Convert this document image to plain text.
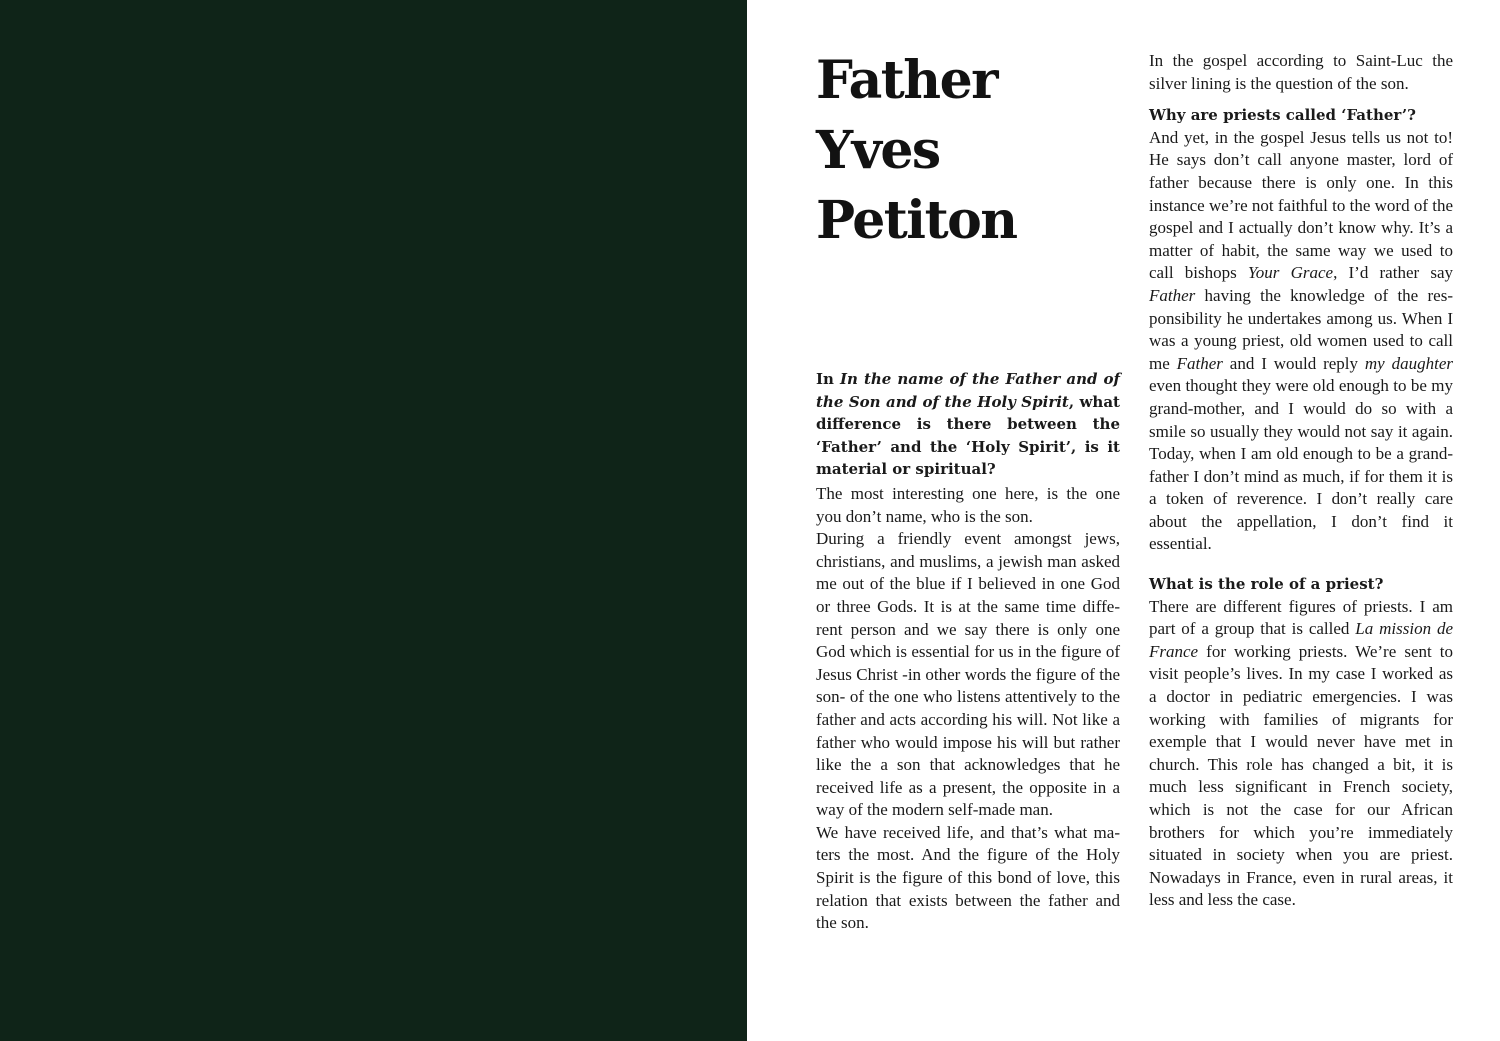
Father
Yves
Petiton

In In the name of the Father and of the Son and of the Holy Spirit, what difference is there between the ‘Father’ and the ‘Holy Spirit’, is it material or spiritual?

The most interesting one here, is the one you don’t name, who is the son.

During a friendly event amongst jews, christians, and muslims, a jewish man asked me out of the blue if I believed in one God or three Gods. It is at the same time different person and we say there is only one God which is essential for us in the figure of Jesus Christ -in other words the figure of the son- of the one who listens attentively to the father and acts according his will. Not like a father who would impose his will but rather like the a son that acknowledges that he received life as a present, the opposite in a way of the modern self-made man.

We have received life, and that’s what maters the most. And the figure of the Holy Spirit is the figure of this bond of love, this relation that exists between the father and the son.

In the gospel according to Saint-Luc the silver lining is the question of the son.

Why are priests called ‘Father’?

And yet, in the gospel Jesus tells us not to! He says don’t call anyone master, lord of father because there is only one. In this instance we’re not faithful to the word of the gospel and I actually don’t know why. It’s a matter of habit, the same way we used to call bishops Your Grace, I’d rather say Father having the knowledge of the responsibility he undertakes among us. When I was a young priest, old women used to call me Father and I would reply my daughter even thought they were old enough to be my grand-mother, and I would do so with a smile so usually they would not say it again. Today, when I am old enough to be a grand-father I don’t mind as much, if for them it is a token of reverence. I don’t really care about the appellation, I don’t find it essential.

What is the role of a priest?

There are different figures of priests. I am part of a group that is called La mission de France for working priests. We’re sent to visit people’s lives. In my case I worked as a doctor in pediatric emergencies. I was working with families of migrants for exemple that I would never have met in church. This role has changed a bit, it is much less significant in French society, which is not the case for our African brothers for which you’re immediately situated in society when you are priest. Nowadays in France, even in rural areas, it less and less the case.
